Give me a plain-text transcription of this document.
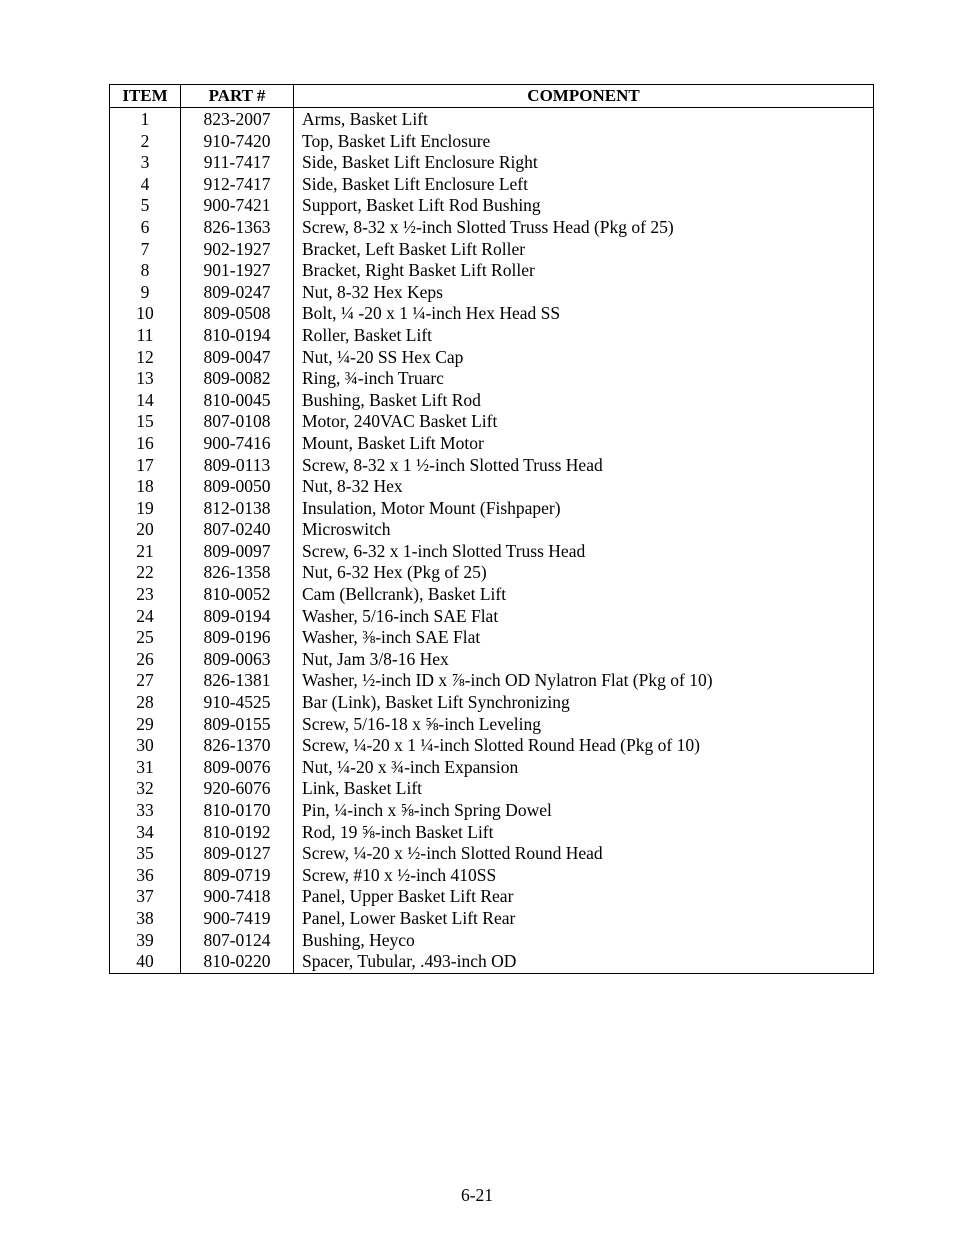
ITEM	PART #	COMPONENT
1	823-2007	Arms, Basket Lift
2	910-7420	Top, Basket Lift Enclosure
3	911-7417	Side, Basket Lift Enclosure Right
4	912-7417	Side, Basket Lift Enclosure Left
5	900-7421	Support, Basket Lift Rod Bushing
6	826-1363	Screw, 8-32 x ½-inch Slotted Truss Head (Pkg of 25)
7	902-1927	Bracket, Left Basket Lift Roller
8	901-1927	Bracket, Right Basket Lift Roller
9	809-0247	Nut, 8-32 Hex Keps
10	809-0508	Bolt, ¼ -20 x 1 ¼-inch Hex Head SS
11	810-0194	Roller, Basket Lift
12	809-0047	Nut, ¼-20 SS Hex Cap
13	809-0082	Ring, ¾-inch Truarc
14	810-0045	Bushing, Basket Lift Rod
15	807-0108	Motor, 240VAC Basket Lift
16	900-7416	Mount, Basket Lift Motor
17	809-0113	Screw, 8-32 x 1 ½-inch Slotted Truss Head
18	809-0050	Nut, 8-32 Hex
19	812-0138	Insulation, Motor Mount (Fishpaper)
20	807-0240	Microswitch
21	809-0097	Screw, 6-32 x 1-inch Slotted Truss Head
22	826-1358	Nut, 6-32 Hex (Pkg of 25)
23	810-0052	Cam (Bellcrank), Basket Lift
24	809-0194	Washer, 5/16-inch SAE Flat
25	809-0196	Washer, ⅜-inch SAE Flat
26	809-0063	Nut, Jam 3/8-16 Hex
27	826-1381	Washer, ½-inch ID x ⅞-inch OD Nylatron Flat (Pkg of 10)
28	910-4525	Bar (Link), Basket Lift Synchronizing
29	809-0155	Screw, 5/16-18 x ⅝-inch Leveling
30	826-1370	Screw, ¼-20 x 1 ¼-inch Slotted Round Head (Pkg of 10)
31	809-0076	Nut, ¼-20 x ¾-inch Expansion
32	920-6076	Link, Basket Lift
33	810-0170	Pin, ¼-inch x ⅝-inch Spring Dowel
34	810-0192	Rod, 19 ⅝-inch Basket Lift
35	809-0127	Screw, ¼-20 x ½-inch Slotted Round Head
36	809-0719	Screw, #10 x ½-inch 410SS
37	900-7418	Panel, Upper Basket Lift Rear
38	900-7419	Panel, Lower Basket Lift Rear
39	807-0124	Bushing, Heyco
40	810-0220	Spacer, Tubular, .493-inch OD
6-21
